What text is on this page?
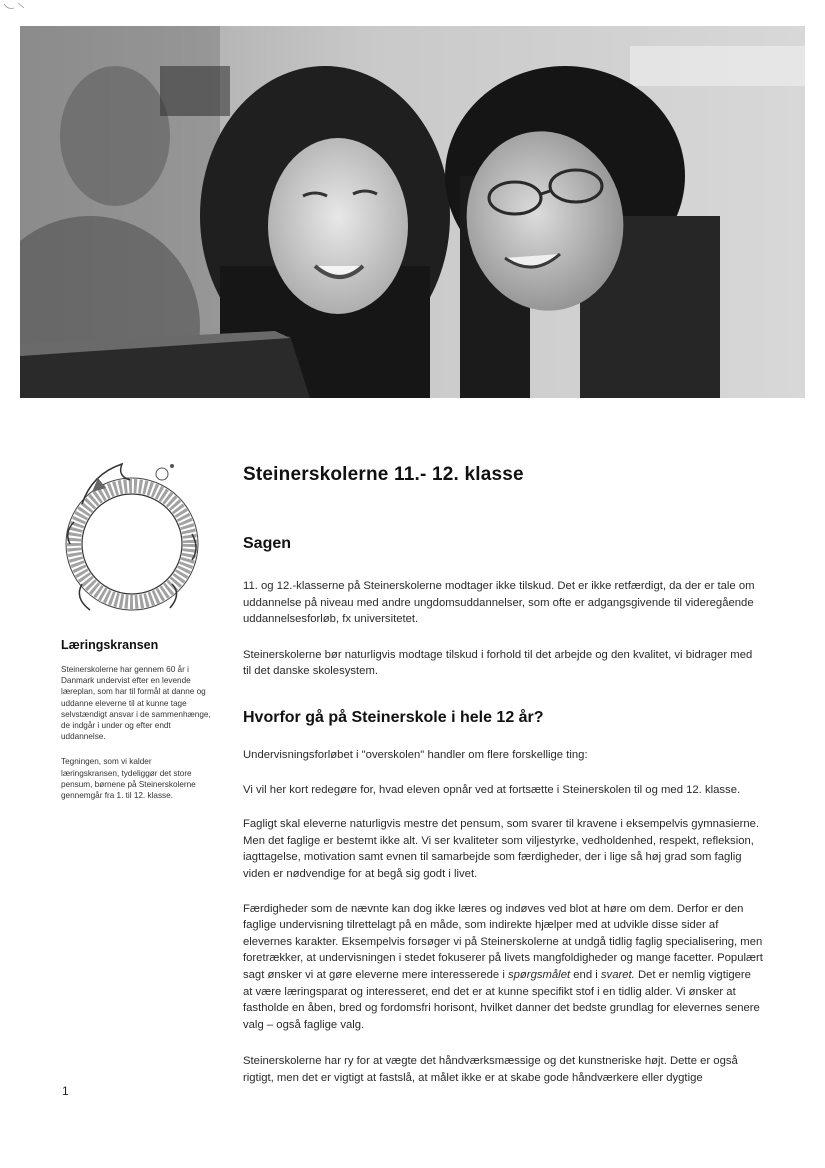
Læringskransen

Steinerskolerne har gennem 60 år i Danmark undervist efter en levende læreplan, som har til formål at danne og uddanne eleverne til at kunne tage selvstændigt ansvar i de sammenhænge, de indgår i under og efter endt uddannelse.

Tegningen, som vi kalder læringskransen, tydeliggør det store pensum, børnene på Steinerskolerne gennemgår fra 1. til 12. klasse.

Steinerskolerne 11.- 12. klasse
Sagen

11. og 12.-klasserne på Steinerskolerne modtager ikke tilskud. Det er ikke retfærdigt, da der er tale om uddannelse på niveau med andre ungdomsuddannelser, som ofte er adgangsgivende til videregående uddannelsesforløb, fx universitetet.

Steinerskolerne bør naturligvis modtage tilskud i forhold til det arbejde og den kvalitet, vi bidrager med til det danske skolesystem.

Hvorfor gå på Steinerskole i hele 12 år?

Undervisningsforløbet i "overskolen" handler om flere forskellige ting:

Vi vil her kort redegøre for, hvad eleven opnår ved at fortsætte i Steinerskolen til og med 12. klasse.

Fagligt skal eleverne naturligvis mestre det pensum, som svarer til kravene i eksempelvis gymnasierne. Men det faglige er bestemt ikke alt. Vi ser kvaliteter som viljestyrke, vedholdenhed, respekt, refleksion, iagttagelse, motivation samt evnen til samarbejde som færdigheder, der i lige så høj grad som faglig viden er nødvendige for at begå sig godt i livet.

Færdigheder som de nævnte kan dog ikke læres og indøves ved blot at høre om dem. Derfor er den faglige undervisning tilrettelagt på en måde, som indirekte hjælper med at udvikle disse sider af elevernes karakter. Eksempelvis forsøger vi på Steinerskolerne at undgå tidlig faglig specialisering, men foretrækker, at undervisningen i stedet fokuserer på livets mangfoldigheder og mange facetter. Populært sagt ønsker vi at gøre eleverne mere interesserede i spørgsmålet end i svaret. Det er nemlig vigtigere at være læringsparat og interesseret, end det er at kunne specifikt stof i en tidlig alder. Vi ønsker at fastholde en åben, bred og fordomsfri horisont, hvilket danner det bedste grundlag for elevernes senere valg – også faglige valg.

Steinerskolerne har ry for at vægte det håndværksmæssige og det kunstneriske højt. Dette er også rigtigt, men det er vigtigt at fastslå, at målet ikke er at skabe gode håndværkere eller dygtige

1
